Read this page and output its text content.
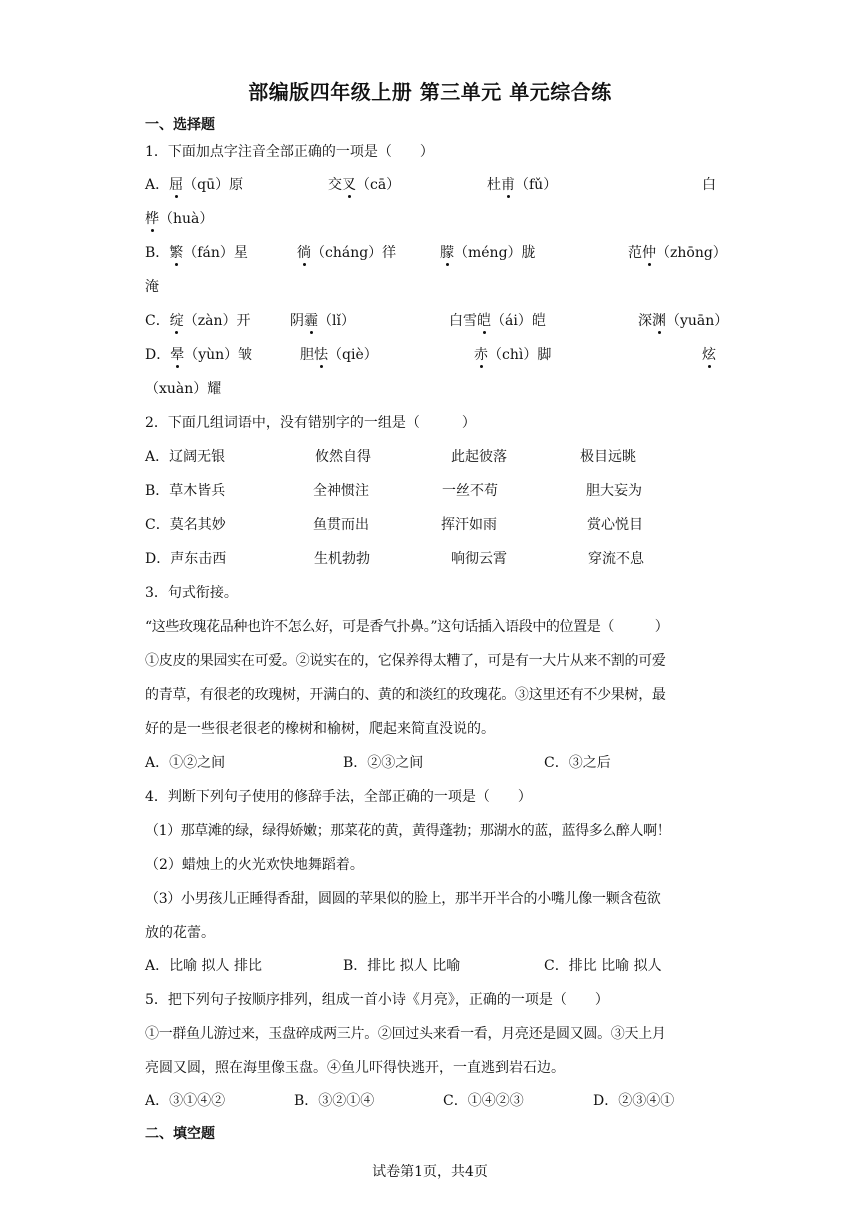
部编版四年级上册 第三单元 单元综合练
一、选择题
1．下面加点字注音全部正确的一项是（　　）
A．屈（qū）原	交叉（cā）	杜甫（fǔ）	白
桦（huà）
B．繁（fán）星	徜（cháng）徉	朦（méng）胧	范仲（zhōng）
淹
C．绽（zàn）开	阴霾（lǐ）	白雪皑（ái）皑	深渊（yuān）
D．晕（yùn）皱	胆怯（qiè）	赤（chì）脚	炫
（xuàn）耀
2．下面几组词语中，没有错别字的一组是（　　　）
A．辽阔无银	攸然自得	此起彼落	极目远眺
B．草木皆兵	全神惯注	一丝不苟	胆大妄为
C．莫名其妙	鱼贯而出	挥汗如雨	赏心悦目
D．声东击西	生机勃勃	响彻云霄	穿流不息
3．句式衔接。
“这些玫瑰花品种也许不怎么好，可是香气扑鼻。”这句话插入语段中的位置是（　　　）
①皮皮的果园实在可爱。②说实在的，它保养得太糟了，可是有一大片从来不割的可爱
的青草，有很老的玫瑰树，开满白的、黄的和淡红的玫瑰花。③这里还有不少果树，最
好的是一些很老很老的橡树和榆树，爬起来简直没说的。
A．①②之间	B．②③之间	C．③之后
4．判断下列句子使用的修辞手法，全部正确的一项是（　　）
（1）那草滩的绿，绿得娇嫩；那菜花的黄，黄得蓬勃；那湖水的蓝，蓝得多么醉人啊！
（2）蜡烛上的火光欢快地舞蹈着。
（3）小男孩儿正睡得香甜，圆圆的苹果似的脸上，那半开半合的小嘴儿像一颗含苞欲
放的花蕾。
A．比喻 拟人 排比	B．排比 拟人 比喻	C．排比 比喻 拟人
5．把下列句子按顺序排列，组成一首小诗《月亮》，正确的一项是（　　）
①一群鱼儿游过来，玉盘碎成两三片。②回过头来看一看，月亮还是圆又圆。③天上月
亮圆又圆，照在海里像玉盘。④鱼儿吓得快逃开，一直逃到岩石边。
A．③①④②	B．③②①④	C．①④②③	D．②③④①
二、填空题
试卷第1页，共4页
